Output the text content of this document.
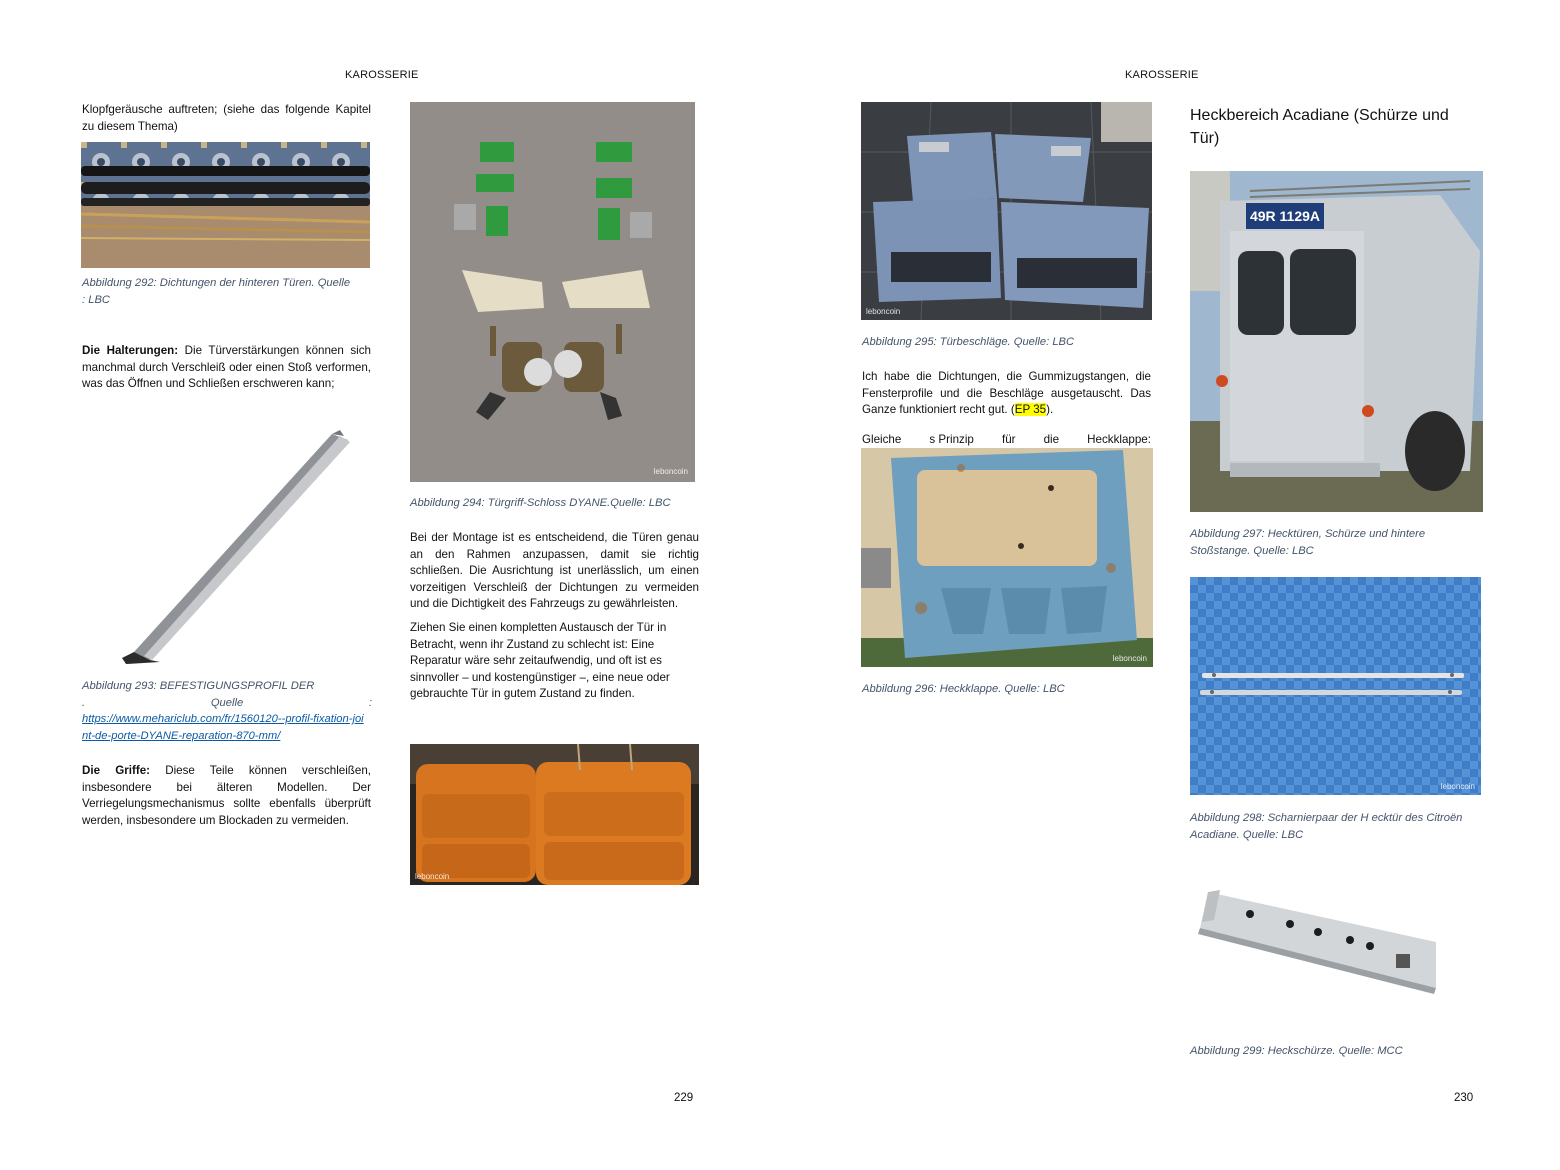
KAROSSERIE
Klopfgeräusche auftreten; (siehe das folgende Kapitel zu diesem Thema)
Abbildung 292: Dichtungen der hinteren Türen. Quelle
: LBC
Die Halterungen: Die Türverstärkungen können sich manchmal durch Verschleiß oder einen Stoß verformen, was das Öffnen und Schließen erschweren kann;
Abbildung 293: BEFESTIGUNGSPROFIL DER
.	Quelle	:
https://www.mehariclub.com/fr/1560120--profil-fixation-joint-de-porte-DYANE-reparation-870-mm/
Die Griffe: Diese Teile können verschleißen, insbesondere bei älteren Modellen. Der Verriegelungsmechanismus sollte ebenfalls überprüft werden, insbesondere um Blockaden zu vermeiden.
leboncoin
Abbildung 294: Türgriff-Schloss DYANE.Quelle: LBC
Bei der Montage ist es entscheidend, die Türen genau an den Rahmen anzupassen, damit sie richtig schließen. Die Ausrichtung ist unerlässlich, um einen vorzeitigen Verschleiß der Dichtungen zu vermeiden und die Dichtigkeit des Fahrzeugs zu gewährleisten.
Ziehen Sie einen kompletten Austausch der Tür in Betracht, wenn ihr Zustand zu schlecht ist: Eine Reparatur wäre sehr zeitaufwendig, und oft ist es sinnvoller – und kostengünstiger –, eine neue oder gebrauchte Tür in gutem Zustand zu finden.
leboncoin
229
KAROSSERIE
leboncoin
Abbildung 295: Türbeschläge. Quelle: LBC
Ich habe die Dichtungen, die Gummizugstangen, die Fensterprofile und die Beschläge ausgetauscht. Das Ganze funktioniert recht gut. (EP 35).
Gleiche s Prinzip für die Heckklappe:
leboncoin
Abbildung 296: Heckklappe. Quelle: LBC
Heckbereich Acadiane (Schürze und Tür)
49R 1129A
Abbildung 297: Hecktüren, Schürze und hintere Stoßstange. Quelle: LBC
leboncoin
Abbildung 298: Scharnierpaar der H ecktür des Citroën Acadiane. Quelle: LBC
Abbildung 299: Heckschürze. Quelle: MCC
230
